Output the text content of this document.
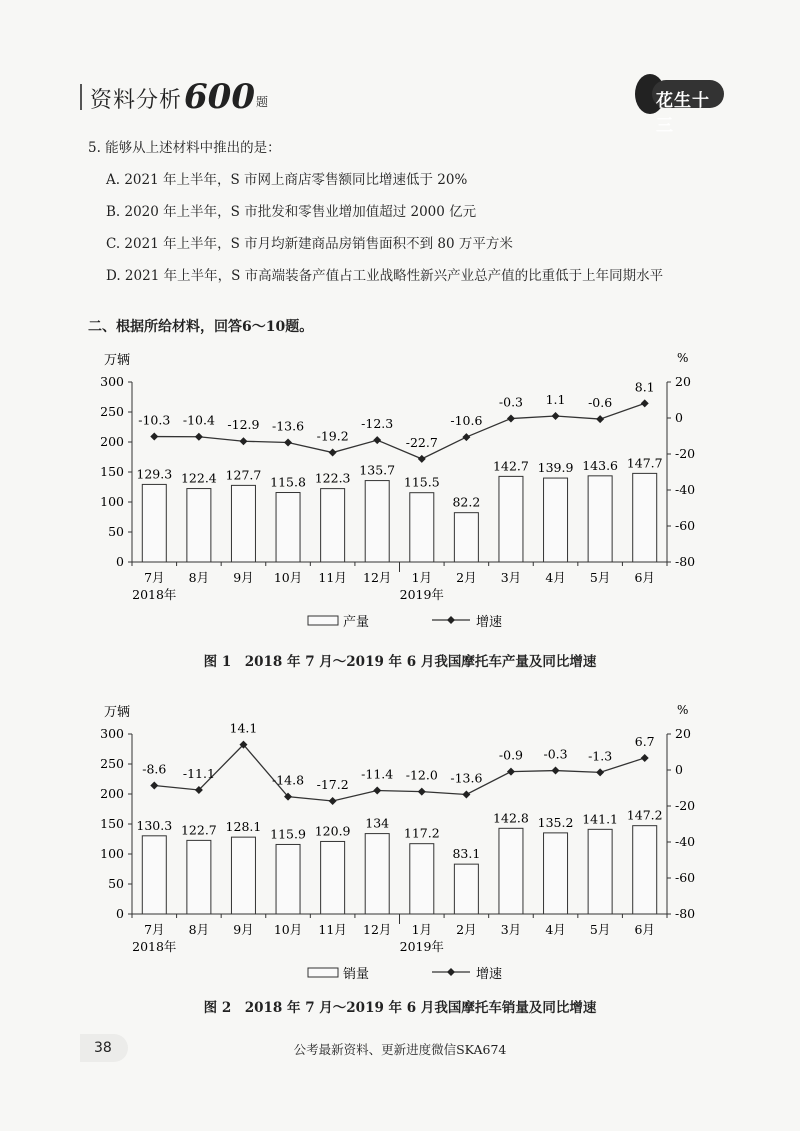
资料分析 600 题	花生十三
5. 能够从上述材料中推出的是：
A. 2021 年上半年，S 市网上商店零售额同比增速低于 20%
B. 2020 年上半年，S 市批发和零售业增加值超过 2000 亿元
C. 2021 年上半年，S 市月均新建商品房销售面积不到 80 万平方米
D. 2021 年上半年，S 市高端装备产值占工业战略性新兴产业总产值的比重低于上年同期水平
二、根据所给材料，回答6～10题。
万辆	%
0
50
100
150
200
250
300
-80
-60
-40
-20
0
20
7月 8月 9月 10月 11月 12月 1月 2月 3月 4月 5月 6月
2018年	2019年
129.3 122.4 127.7 115.8 122.3
135.7
115.5
82.2
142.7 139.9 143.6 147.7
-10.3 -10.4 -12.9 -13.6
-19.2
-12.3
-22.7
-10.6
-0.3 1.1 -0.6
8.1
产量	增速
图 1　2018 年 7 月～2019 年 6 月我国摩托车产量及同比增速
万辆	%
0
50
100
150
200
250
300
-80
-60
-40
-20
0
20
7月 8月 9月 10月 11月 12月 1月 2月 3月 4月 5月 6月
2018年	2019年
130.3 122.7 128.1 115.9 120.9
134
117.2
83.1
142.8 135.2 141.1 147.2
-8.6 -11.1
14.1
-14.8 -17.2
-11.4 -12.0 -13.6
-0.9 -0.3 -1.3
6.7
销量	增速
图 2　2018 年 7 月～2019 年 6 月我国摩托车销量及同比增速
38	公考最新资料、更新进度微信SKA674
